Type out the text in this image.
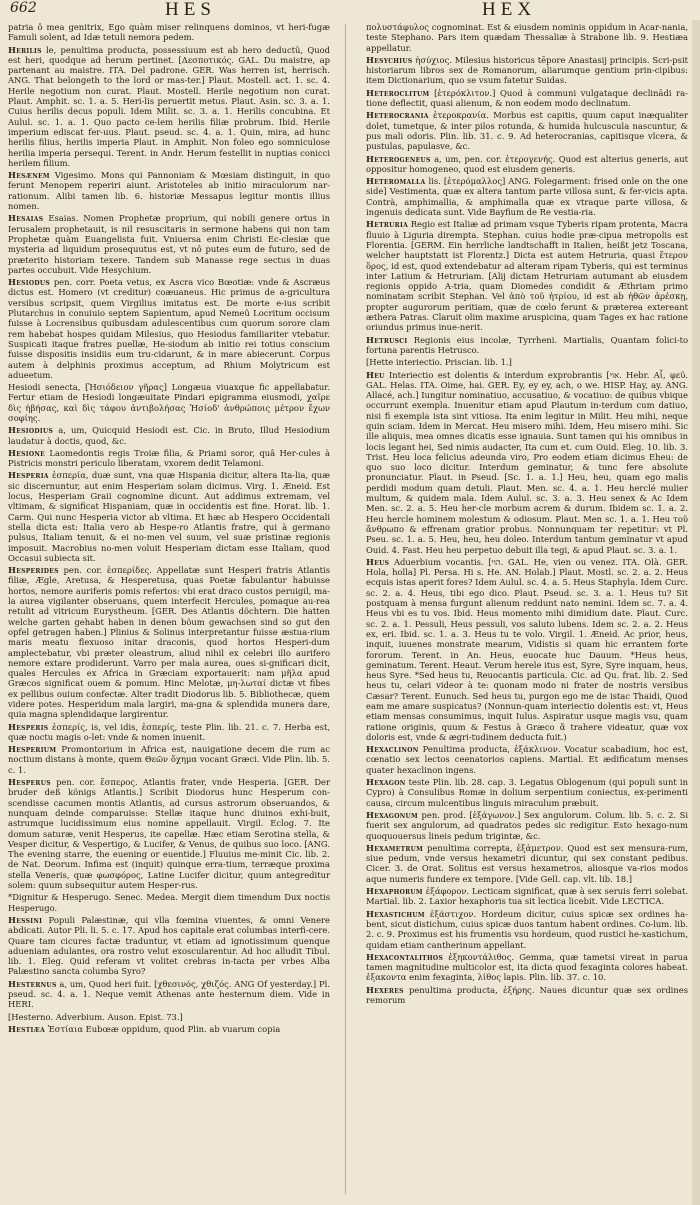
662	HES	HEX

patria ô mea genitrix, Ego quàm miser relinquens dominos, vt heri-fugæ Famuli solent, ad Idæ tetuli nemora pedem.

Herilis le, penultima producta, possessiuum est ab hero deductû, Quod est heri, quodque ad herum pertinet. [Δεσποτικός. GAL. Du maistre, ap partenant au maistre. ITA. Del padrone. GER. Was herren ist, herrisch. ANG. That belongeth to the lord or mas-ter.] Plaut. Mostell. act. 1. sc. 4. Herile negotium non curat. Plaut. Mostell. Herile negotium non curat. Plaut. Amphit. sc. 1. a. 5. Heri-lis peruertit metus. Plaut. Asin. sc. 3. a. 1. Cuius herilis decus populi. Idem Milit. sc. 3. a. 1. Herilis concubina. Et Aulul. sc. 1. a. 1. Quo pacto ce-lem herilis filiæ probrum. Ibid. Herile imperium ediscat fer-uus. Plaut. pseud. sc. 4. a. 1. Quin, mira, ad hunc herilis filius, herilis imperia Plaut. in Amphit. Non foleo ego somniculose herilia imperia persequi. Terent. in Andr. Herum festellit in nuptias conicci herilem filium.

Hesænem Vigesimo. Mons qui Pannoniam & Mœsiam distinguit, in quo ferunt Menopem reperiri aiunt. Aristoteles ab initio miraculorum nar-rationum. Alibi tamen lib. 6. historiæ Messapus legitur montis illius nomen.

Hesaias Esaias. Nomen Prophetæ proprium, qui nobili genere ortus in Ierusalem prophetauit, is nil resuscitaris in sermone habens qui non tam Prophetæ quàm Euangelista fuit. Vniuersa enim Christi Ec-clesiæ que mysteria ad liquidum prosequutus est, vt nô putes eum de futuro, sed de præterito historiam texere. Tandem sub Manasse rege sectus in duas partes occubuit. Vide Hesychium.

Hesiodus pen. corr. Poeta vetus, ex Ascra vico Bœotiæ: vnde & Ascræus dictus est. Homero (vt creditur) coæuaneus. Hic primus de a-gricultura versibus scripsit, quem Virgilius imitatus est. De morte e-ius scribit Plutarchus in conuiuio septem Sapientum, apud Nemeû Locritum occisum fuisse à Locrensibus quibusdam adulescentibus cum quorum sorore clam rem habebat hospes quidam Milesius, quo Hesiodus familiariter vtebatur. Suspicati itaque fratres puellæ, He-siodum ab initio rei totius conscium fuisse dispositis insidiis eum tru-cidarunt, & in mare abiecerunt. Corpus autem à delphinis proximus acceptum, ad Rhium Molytricum est adueetum.

Hesiodi senecta, [Ἡσιόδειον γῆρας] Longæua viuaxque fic appellabatur. Fertur etiam de Hesiodi longæuitate Pindari epigramma eiusmodi, χαῖρε δὶς ἡβήσας, καὶ δὶς τάφου ἀντιβολήσας Ἡσίοδ' ἀνθρώποις μέτρον ἔχων σοφίης.

Hesiodius a, um, Quicquid Hesiodi est. Cic. in Bruto, Illud Hesiodium laudatur à doctis, quod, &c.

Hesione Laomedontis regis Troiæ filia, & Priami soror, quâ Her-cules à Pistricis monstri periculo liberatam, vxorem dedit Telamoni.

Hesperia ἑσπερία, duæ sunt, vna quæ Hispania dicitur, altera Ita-lia, quæ sic discernuntur, aut enim Hesperiam solam dicimus. Virg. 1. Æneid. Est locus, Hesperiam Graii cognomine dicunt. Aut addimus extremam, vel vltimam, & significat Hispaniam, quæ in occidentis est fine. Horat. lib. 1. Carm. Qui nunc Hesperia victor ab vltima. Et hæc ab Hespero Occidentali stella dicta est: Italia vero ab Hespe-ro Atlantis fratre, qui à germano pulsus, Italiam tenuit, & ei no-men vel suum, vel suæ pristinæ regionis imposuit. Macrobius no-men voluit Hesperiam dictam esse Italiam, quod Occasui subiecta sit.

Hesperides pen. cor. ἑσπερίδες. Appellatæ sunt Hesperi fratris Atlantis filiæ, Ægle, Aretusa, & Hesperetusa, quas Poetæ fabulantur habuisse hortos, nemore auriferis pomis refertos: vbi erat draco custos peruigil, ma-la aurea vigilanter obseruans, quem interfecit Hercules, pomaque au-rea retulit ad vitricum Eurystheum. [GER. Des Atlantis döchtern. Die hatten welche garten gehabt haben in denen böum gewachsen sind so gut den opfel getragen haben.] Plinius & Solinus interpretantur fuisse æstua-rium maris meatu flexuoso initar draconis, quod hortos Hesperi-dum amplectebatur, vbi præter oleastrum, aliud nihil ex celebri illo aurifero nemore extare prodiderunt. Varro per mala aurea, oues si-gnificari dicit, quales Hercules ex Africa in Græciam exportauerit: nam μῆλα apud Græcos significat ouem & pomum. Hinc Melotæ, μη-λωταί dictæ vt fibes ex pellibus ouium confectæ. Alter tradit Diodorus lib. 5. Bibliothecæ, quem videre potes. Hesperidum mala largiri, ma-gna & splendida munera dare, quia magna splendidaque largirentur.

Hesperis ἑσπερίς, is, vel idis, ἑσπερίς, teste Plin. lib. 21. c. 7. Herba est, quæ noctu magis o-let: vnde & nomen inuenit.

Hesperium Promontorium in Africa est, nauigatione decem die rum ac noctium distans à monte, quem Θεῶν ὄχημα vocant Græci. Vide Plin. lib. 5. c. 1.

Hesperus pen. cor. ἕσπερος. Atlantis frater, vnde Hesperia. [GER. Der bruder deß königs Atlantis.] Scribit Diodorus hunc Hesperum con-scendisse cacumen montis Atlantis, ad cursus astrorum obseruandos, & nunquam deinde comparuisse: Stellæ itaque hunc diuinos exhi-buit, astrumque lucidissimum eius nomine appellauit. Virgil. Eclog. 7. Ite domum saturæ, venit Hesperus, ite capellæ. Hæc etiam Serotina stella, & Vesper dicitur, & Vespertigo, & Lucifer, & Venus, de quibus suo loco. [ANG. The evening starre, the euening or euentide.] Fluuius me-minit Cic. lib. 2. de Nat. Deorum. Infima est (inquit) quinque erra-tium, terræque proxima stella Veneris, quæ φωσφόρος, Latine Lucifer dicitur, quum antegreditur solem: quum subsequitur autem Hesper-rus.

*Dignitur & Hesperugo. Senec. Medea. Mergit diem timendum Dux noctis Hesperugo.

Hessini Populi Palæstinæ, qui vlla fœmina viuentes, & omni Venere abdicati. Autor Pli. li. 5. c. 17. Apud hos capitale erat columbas interfi-cere. Quare tam cicures factæ traduntur, vt etiam ad ignotissimum quenque adueniam adulantes, ora rostro velut exoscularentur. Ad hoc alludit Tibul. lib. 1. Eleg. Quid referam vt volitet crebras in-tacta per vrbes Alba Palæstino sancta columba Syro?

Hesternus a, um, Quod heri fuit. [χθεσινός, χθιζός. ANG Of yesterday.] Pl. pseud. sc. 4. a. 1. Neque vemit Athenas ante hesternum diem. Vide in HERI.

[Hesterno. Adverbium. Auson. Epist. 73.]

Hestiæa Ἑστίαια Eubœæ oppidum, quod Plin. ab vuarum copia

πολυστάφυλος cognominat. Est & eiusdem nominis oppidum in Acar-nania, teste Stephano. Pars item quædam Thessaliæ à Strabone lib. 9. Hestiæa appellatur.

Hesychius ἡσύχιος. Milesius historicus tēpore Anastasij principis. Scri-psit historiarum libros sex de Romanorum, aliarumque gentium prin-cipibus: item Dictionarium, quo se vsum fatetur Suidas.

Heteroclitum [ἑτερόκλιτον.] Quod à communi vulgataque declinādi ra-tione deflectit, quasi alienum, & non eodem modo declinatum.

Heterocrania ἑτεροκρανία. Morbus est capitis, quum caput inæqualiter dolet, tumetque, & inter pilos rotunda, & humida hulcuscula nascuntur, & pus mali odoris. Plin. lib. 31. c. 9. Ad heterocranias, capitisque vlcera, & pustulas, papulasve, &c.

Heterogeneus a, um, pen. cor. ἑτερογενής. Quod est alterius generis, aut oppositur homogeneo, quod est eiusdem generis.

Heteromalla lis. [ἑτερόμαλλος] ANG. Folegarment: frised onle on the one side] Vestimenta, quæ ex altera tantum parte villosa sunt, & fer-vicis apta. Contrà, amphimallia, & amphimalla quæ ex vtraque parte villosa, & ingenuis dedicata sunt. Vide Bayfium de Re vestia-ria.

Hetruria Regio est Italiæ ad primam vsque Tyberis ripam protenta, Macra fluuio à Liguria dirempta. Stephan. cuius hodie præ-cipua metropolis est Florentia. [GERM. Ein herrliche landtschafft in Italien, heißt jetz Toscana, welcher hauptstatt ist Florentz.] Dicta est autem Hetruria, quasi ἕτερον ὅρος, id est, quod extendebatur ad alteram ripam Tyberis, qui est terminus inter Latium & Hetruriam. [Alij dictam Hetruriam autumant ab eiusdem regionis oppido A-tria, quam Diomedes condidit & Æthriam primo nominatam scribit Stephan. Vel ἀπὸ τοῦ ἠτρίου, id est ab ἠθῶν ἀρέσκῃ, propter augurorum peritiam, quæ de cœlo ferunt & præterea extereant æthera Patras. Claruit olim maxime aruspicina, quam Tages ex hac ratione oriundus primus inue-nerit.

Hetrusci Regionis eius incolæ, Tyrrheni. Martialis, Quantam folici-to fortuna parentis Hetrusco.

[Hette interiectio. Priscian. lib. 1.]

Heu Interiectio est dolentis & interdum exprobrantis [אוי. Hebr. Αἶ, φεῦ. GAL. Helas. ITA. Oime, hai. GER. Ey, ey ey, ach, o we. HISP. Hay, ay. ANG. Allacé, ach.] Iungitur nominatiuo, accusatiuo, & vocatiuo: de quibus vbique occurrunt exempla. Inuenitur etiam apud Plautum in-terdum cum datiuo, nisi fi exempla ista sint vitiosa. Ita enim legitur in Milit. Heu mihi, neque quin sciam. Idem in Mercat. Heu misero mihi. Idem, Heu misero mihi. Sic ille aliquis, mea omnes dicatis esse ignauia. Sunt tamen qui his omnibus in locis legant hei, Sed nimis audacter, Ita cum et. cum Ouid. Eleg. 10. lib. 3. Trist. Heu loca felicius adeunda viro, Pro eodem etiam dicimus Eheu: de quo suo loco dicitur. Interdum geminatur, & tunc fere absolute pronunciatur. Plaut. in Pseud. [Sc. 1. a. 1.] Heu, heu, quam ego malis perdidi modum quam detuli. Plaut. Men. sc. 4. a. 1. Heu herclé mulier multum, & quidem mala. Idem Aulul. sc. 3. a. 3. Heu senex & Ac Idem Men. sc. 2. a. 5. Heu her-cle morbum acrem & durum. Ibidem sc. 1. a. 2. Heu hercle hominem molestum & odiosum. Plaut. Men sc. 1. a. 1. Heu τοῦ ἄνθρωπο & effrenam gratior probus. Nonnunquam ter repetitur: vt Pl. Pseu. sc. 1. a. 5. Heu, heu, heu doleo. Interdum tantum geminatur vt apud Ouid. 4. Fast. Heu heu perpetuo debuit illa tegi, & apud Plaut. sc. 3. a. 1.

Heus Aduerbium vocantis. [הוי. GAL. He, vien ou venez. ITA. Olà. GER. Hola, holla] Pl. Persa. Hi s. He. AN. Holab.] Plaut. Mostl. sc. 2. a. 2. Heus ecquis istas aperit fores? Idem Aulul. sc. 4. a. 5. Heus Staphyla. Idem Curc. sc. 2. a. 4. Heus, tibi ego dico. Plaut. Pseud. sc. 3. a. 1. Heus tu? Sit postquam à mensa furgunt alienum reddunt nato nemini. Idem sc. 7. a. 4. Heus vbi es tu vos. Ibid. Heus momento mihi dimidium date. Plaut. Curc. sc. 2. a. 1. Pessuli, Heus pessuli, vos saluto lubens. Idem sc. 2. a. 2. Heus ex, eri. Ibid. sc. 1. a. 3. Heus tu te volo. Virgil. 1. Æneid. Ac prior, heus, inquit, iuuenes monstrate mearum, Vidistis si quam hic errantem forte fororum. Terent. in An. Heus, euocate huc Dauum. *Heus heus, geminatum. Terent. Heaut. Verum herele itus est, Syre, Syre inquam, heus, heus Syre. *Sed heus tu, Reuocantis particula. Cic. ad Qu. frat. lib. 2. Sed heus tu, celari videor à te: quonam modo ni frater de nostris versibus Cæsar? Terent. Eunuch. Sed heus tu, purgon ego me de istac Thaidi, Quod eam me amare suspicatus? (Nonnun-quam interiectio dolentis est: vt, Heus etiam mensas consumimus, inquit Iulus. Aspiratur usque magis vsu, quam ratione originis, quum & Festus à Græco ἄ trahere videatur, quæ vox doloris est, vnde & ægri-tudinem deducta fuit.)

Hexaclinon Penultima producta, ἑξάκλινον. Vocatur scabadium, hoc est, cœnatio sex lectos ceenatorios capiens. Martial. Et ædificatum menses quater hexaclinon ingens.

Hexagon teste Plin. lib. 28. cap. 3. Legatus Oblogenum (qui populi sunt in Cypro) à Consulibus Romæ in dolium serpentium coniectus, ex-perimenti causa, circum mulcentibus linguis miraculum præbuit.

Hexagonum pen. prod. [ἑξάγωνον.] Sex angulorum. Colum. lib. 5. c. 2. Si fuerit sex angulorum, ad quadratos pedes sic redigitur. Esto hexago-num quoquouersus lineis pedum trigintæ, &c.

Hexametrum penultima correpta, ἑξάμετρον. Quod est sex mensura-rum, siue pedum, vnde versus hexametri dicuntur, qui sex constant pedibus. Cicer. 3. de Orat. Solitus est versus hexametros, aliosque va-rios modos aque numeris fundere ex tempore. [Vide Gell. cap. vlt. lib. 18.]

Hexaphorum ἑξάφορον. Lecticam significat, quæ à sex seruis ferri solebat. Martial. lib. 2. Laxior hexaphoris tua sit lectica licebit. Vide LECTICA.

Hexastichum ἑξάστιχον. Hordeum dicitur, cuius spicæ sex ordines ha-bent, sicut distichum, cuius spicæ duos tantum habent ordines. Co-lum. lib. 2. c. 9. Proximus est his frumentis vsu hordeum, quod rustici he-xastichum, quidam etiam cantherinum appellant.

Hexacontalithos ἑξηκοντάλιθος. Gemma, quæ tametsi vireat in parua tamen magnitudine multicolor est, ita dicta quod fexaginta colores habeat. ἑξακοντα enim fexaginta, λίθος lapis. Plin. lib. 37. c. 10.

Hexeres penultima producta, ἑξήρης. Naues dicuntur quæ sex ordines remorum
